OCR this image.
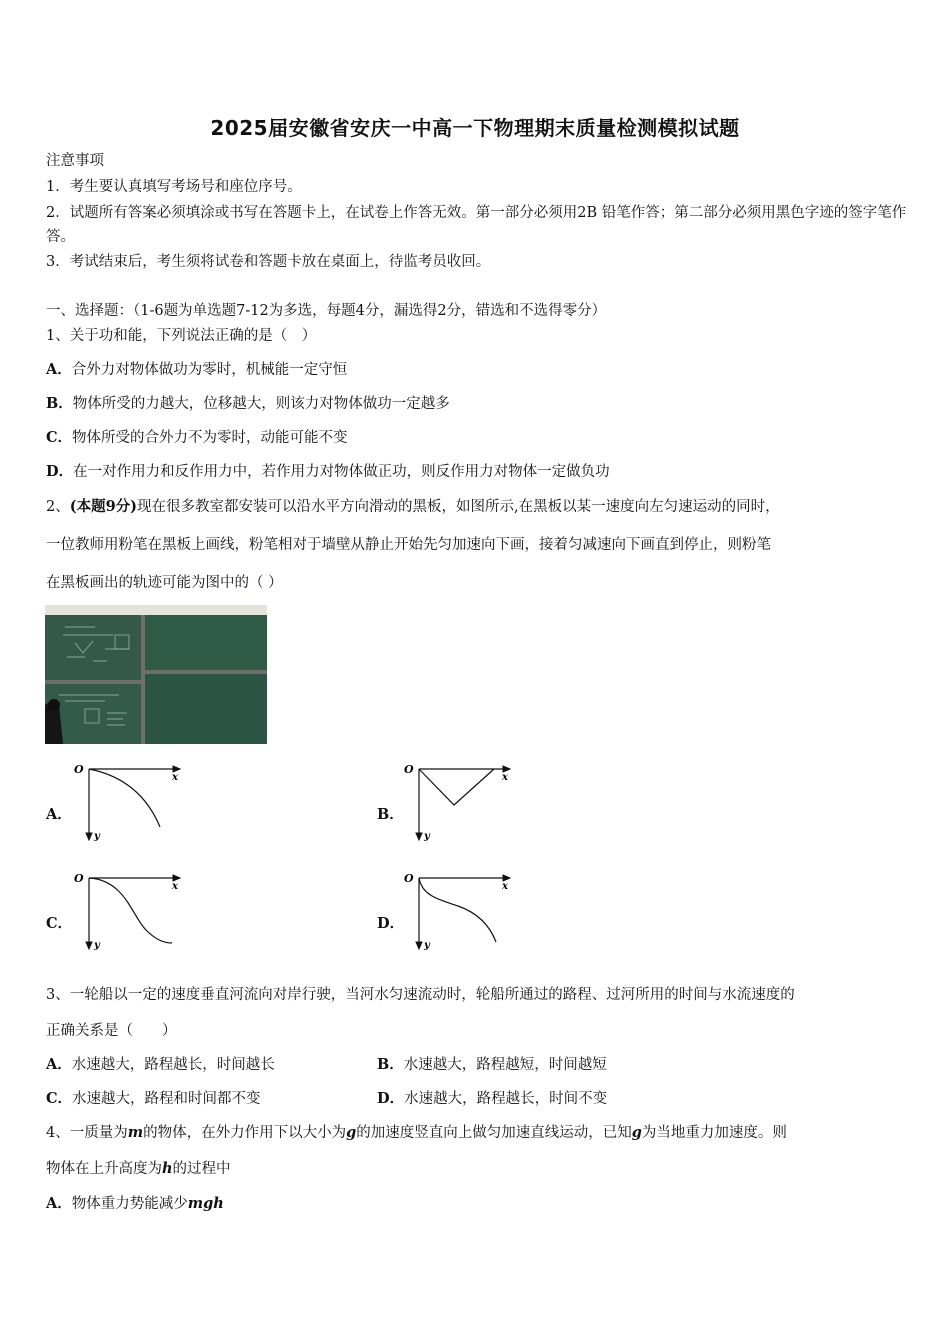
2025届安徽省安庆一中高一下物理期末质量检测模拟试题
注意事项
1．考生要认真填写考场号和座位序号。
2．试题所有答案必须填涂或书写在答题卡上，在试卷上作答无效。第一部分必须用2B 铅笔作答；第二部分必须用黑色字迹的签字笔作答。
3．考试结束后，考生须将试卷和答题卡放在桌面上，待监考员收回。
一、选择题：（1-6题为单选题7-12为多选，每题4分，漏选得2分，错选和不选得零分）
1、关于功和能，下列说法正确的是（　）
A．合外力对物体做功为零时，机械能一定守恒
B．物体所受的力越大，位移越大，则该力对物体做功一定越多
C．物体所受的合外力不为零时，动能可能不变
D．在一对作用力和反作用力中，若作用力对物体做正功，则反作用力对物体一定做负功
2、(本题9分)现在很多教室都安装可以沿水平方向滑动的黑板，如图所示,在黑板以某一速度向左匀速运动的同时，
一位教师用粉笔在黑板上画线，粉笔相对于墙壁从静止开始先匀加速向下画，接着匀减速向下画直到停止，则粉笔
在黑板画出的轨迹可能为图中的（ ）
O
x
y
O
x
y
O
x
y
O
x
y
A．	B．
C．	D．
3、一轮船以一定的速度垂直河流向对岸行驶，当河水匀速流动时，轮船所通过的路程、过河所用的时间与水流速度的
正确关系是（　　）
A．水速越大，路程越长，时间越长	B．水速越大，路程越短，时间越短
C．水速越大，路程和时间都不变	D．水速越大，路程越长，时间不变
4、一质量为m的物体，在外力作用下以大小为g的加速度竖直向上做匀加速直线运动，已知g为当地重力加速度。则
物体在上升高度为h的过程中
A．物体重力势能减少mgh
